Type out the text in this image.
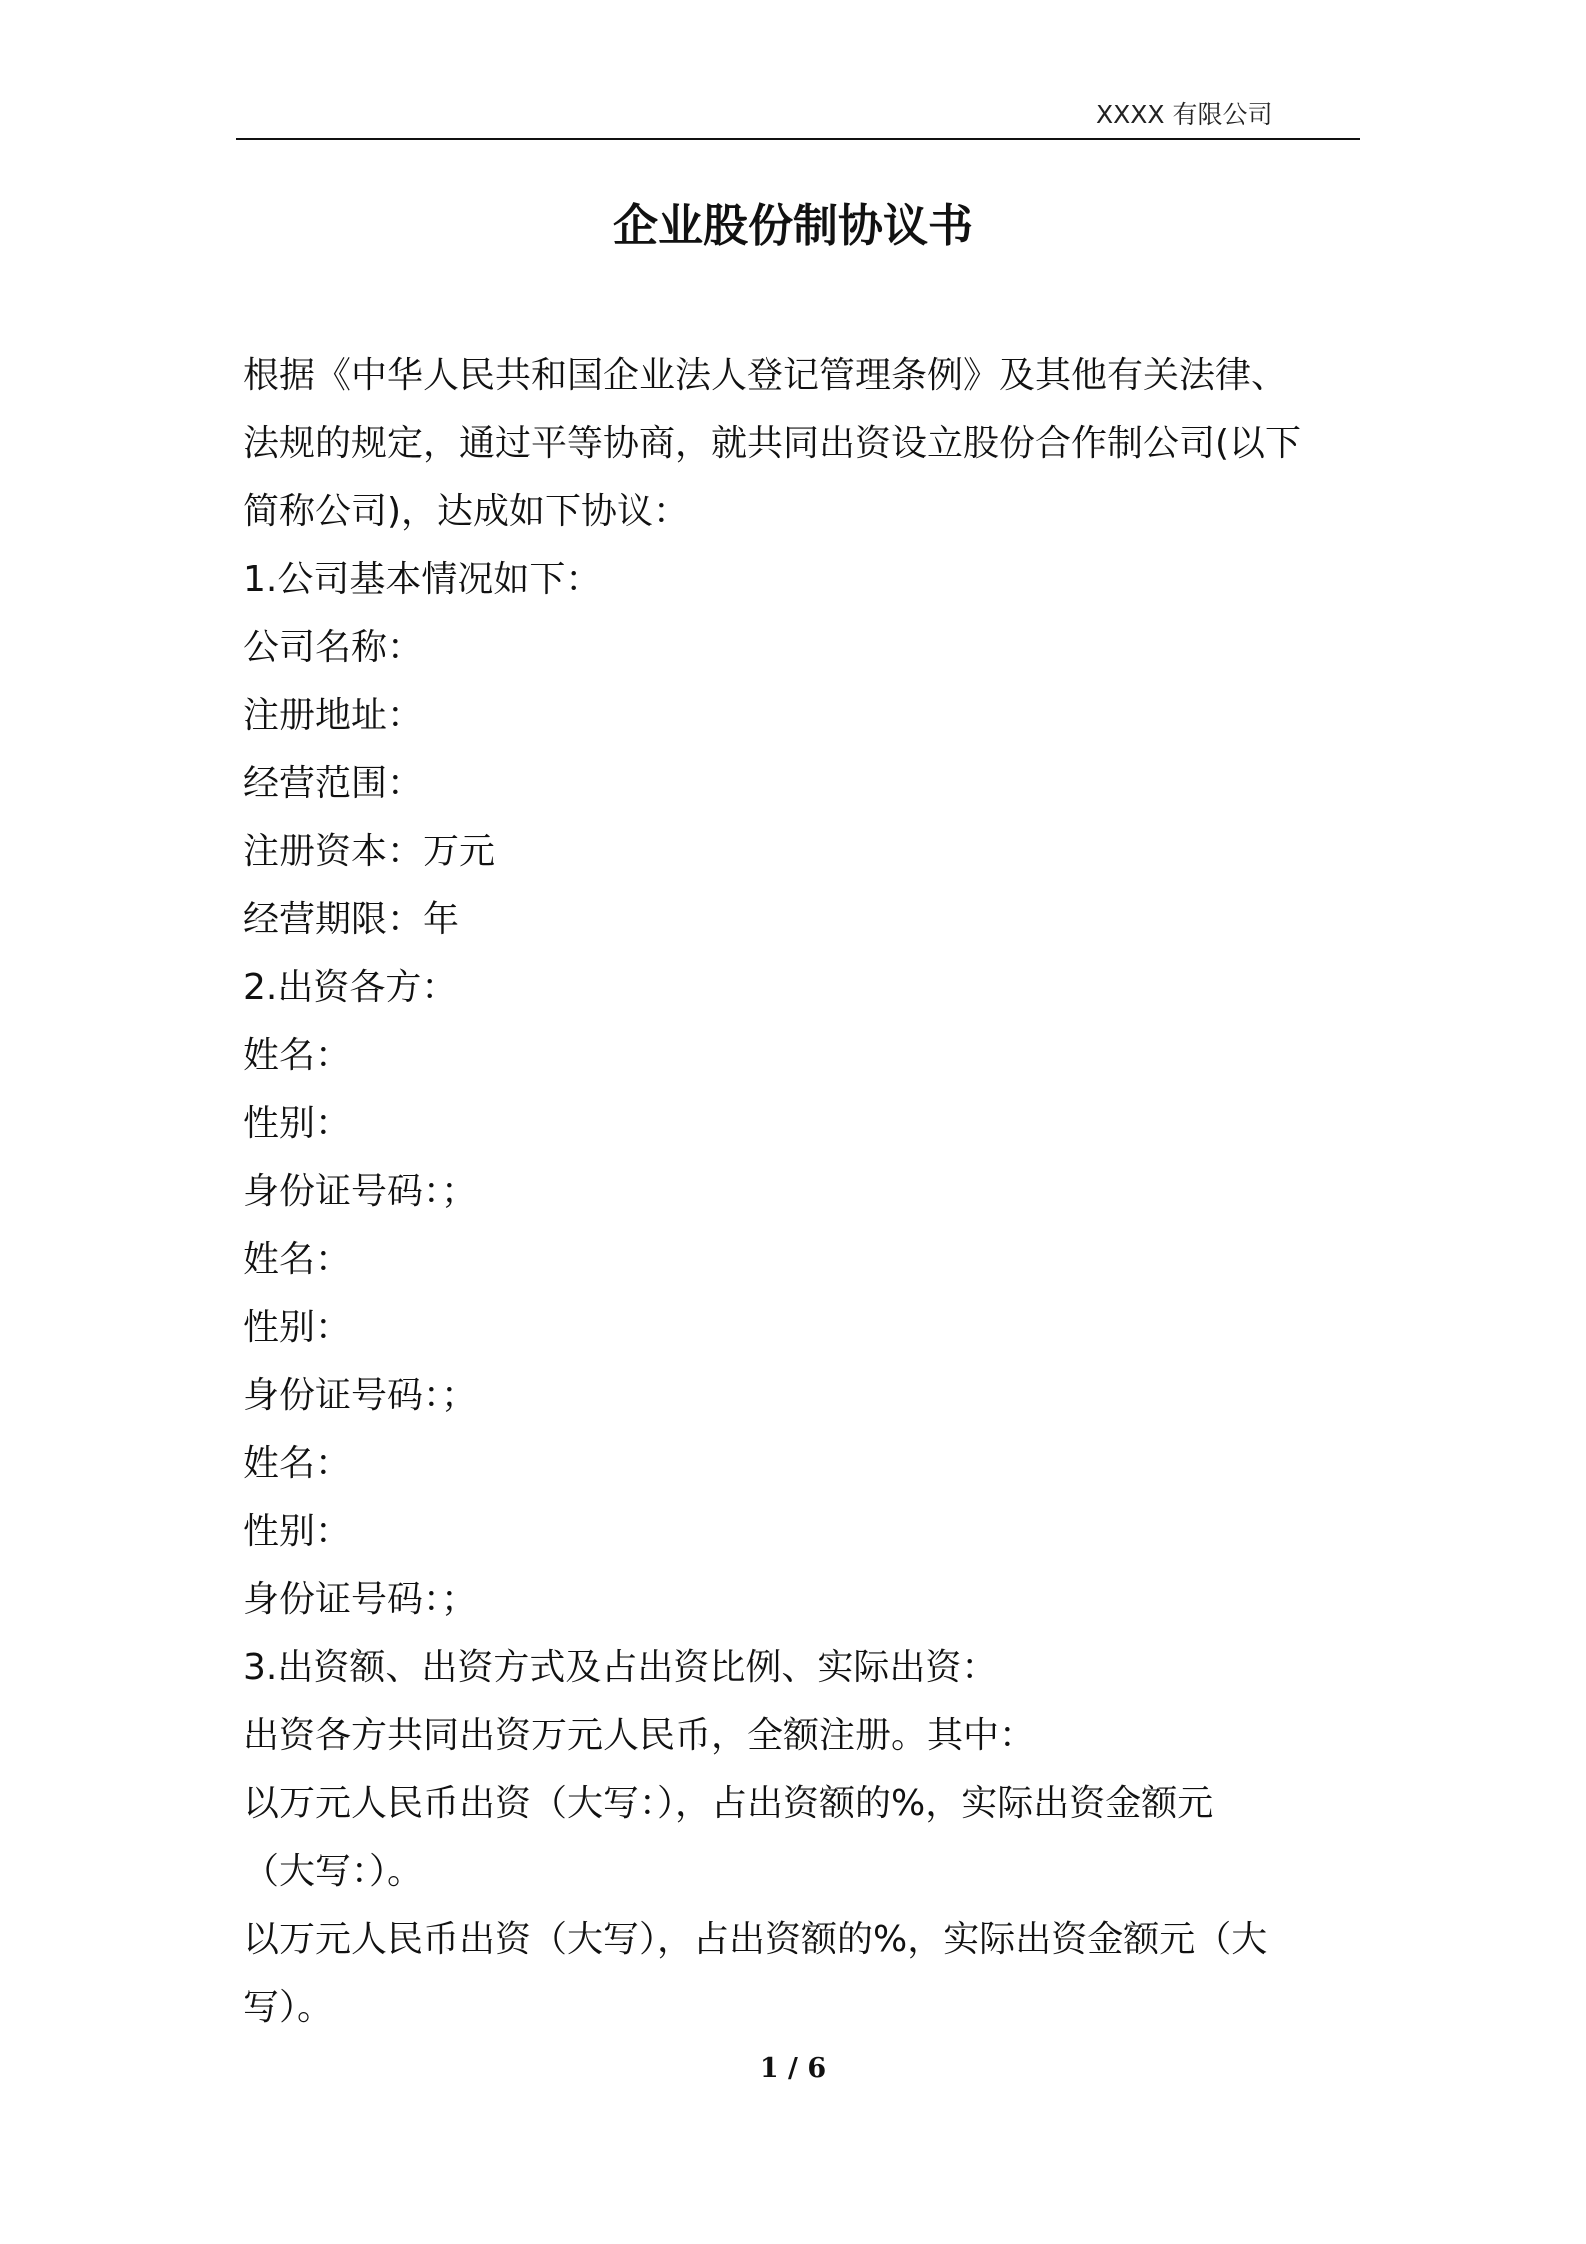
XXXX 有限公司
企业股份制协议书

根据《中华人民共和国企业法人登记管理条例》及其他有关法律、

法规的规定，通过平等协商，就共同出资设立股份合作制公司(以下

简称公司)，达成如下协议：

1.公司基本情况如下：

公司名称：

注册地址：

经营范围：

注册资本：万元

经营期限：年

2.出资各方：

姓名：

性别：

身份证号码：；

姓名：

性别：

身份证号码：；

姓名：

性别：

身份证号码：；

3.出资额、出资方式及占出资比例、实际出资：

出资各方共同出资万元人民币，全额注册。其中：

以万元人民币出资（大写：），占出资额的%，实际出资金额元

（大写：）。

以万元人民币出资（大写），占出资额的%，实际出资金额元（大

写）。

1 / 6
